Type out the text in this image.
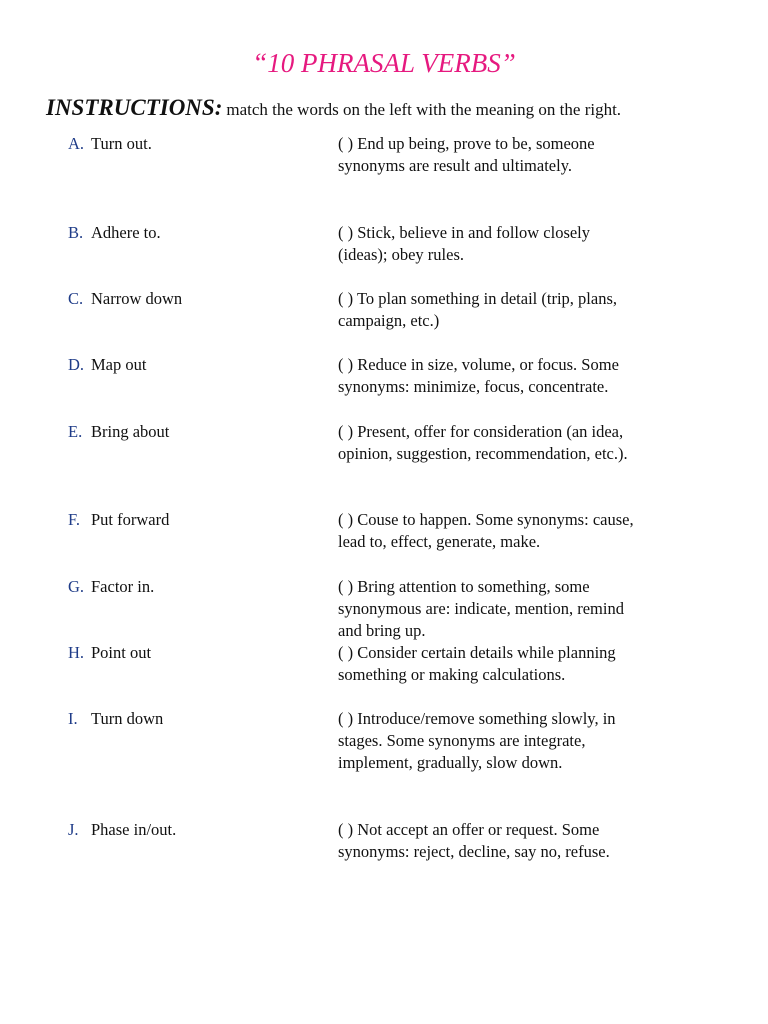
“10 PHRASAL VERBS”
INSTRUCTIONS: match the words on the left with the meaning on the right.
A. Turn out.	( ) End up being, prove to be, someone synonyms are result and ultimately.
B. Adhere to.	( ) Stick, believe in and follow closely (ideas); obey rules.
C. Narrow down	( ) To plan something in detail (trip, plans, campaign, etc.)
D. Map out	( ) Reduce in size, volume, or focus. Some synonyms: minimize, focus, concentrate.
E. Bring about	( ) Present, offer for consideration (an idea, opinion, suggestion, recommendation, etc.).
F. Put forward	( ) Couse to happen. Some synonyms: cause, lead to, effect, generate, make.
G. Factor in.	( ) Bring attention to something, some synonymous are: indicate, mention, remind and bring up.
H. Point out	( ) Consider certain details while planning something or making calculations.
I. Turn down	( ) Introduce/remove something slowly, in stages. Some synonyms are integrate, implement, gradually, slow down.
J. Phase in/out.	( ) Not accept an offer or request. Some synonyms: reject, decline, say no, refuse.
